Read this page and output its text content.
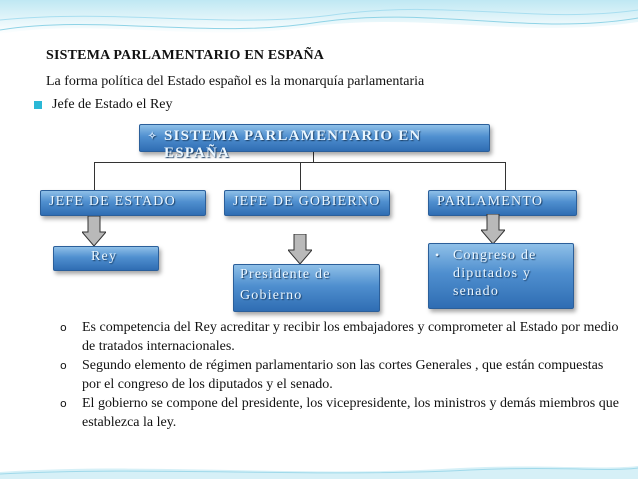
SISTEMA PARLAMENTARIO EN ESPAÑA
La forma política del Estado español es la monarquía parlamentaria
Jefe de Estado el Rey
✧ SISTEMA PARLAMENTARIO EN ESPAÑA
JEFE DE ESTADO	JEFE DE GOBIERNO	PARLAMENTO
Rey
Presidente de
Gobierno
• Congreso de
diputados y
senado
o Es competencia del Rey acreditar y recibir los embajadores y comprometer al Estado por medio de tratados internacionales.
o Segundo elemento de régimen parlamentario son las cortes Generales , que están compuestas por el congreso de los diputados y el senado.
o El gobierno se compone del presidente, los vicepresidente, los ministros y demás miembros que establezca la ley.
